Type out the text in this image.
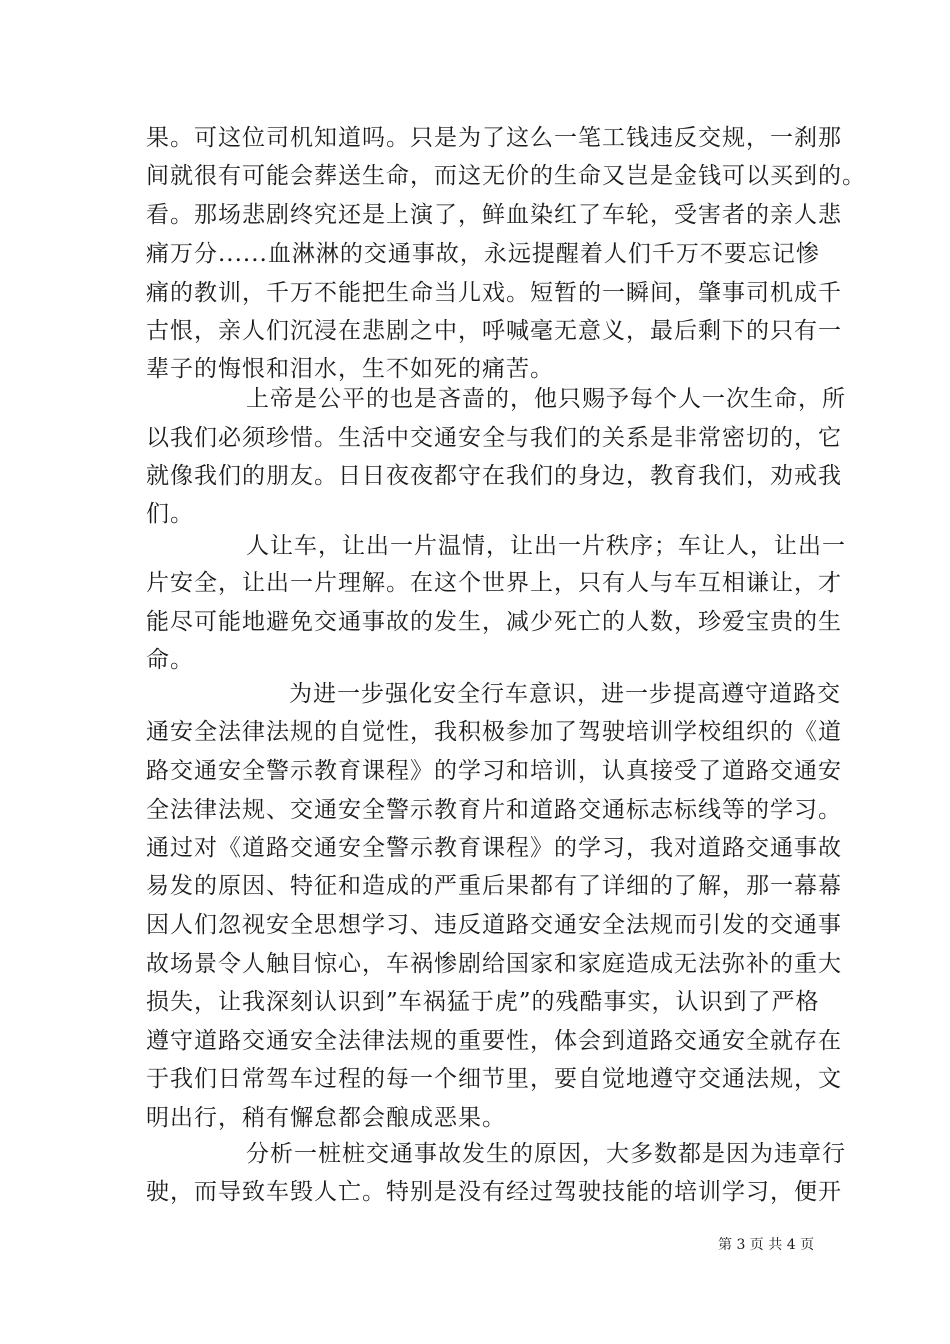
果。可这位司机知道吗。只是为了这么一笔工钱违反交规，一刹那
间就很有可能会葬送生命，而这无价的生命又岂是金钱可以买到的。
看。那场悲剧终究还是上演了，鲜血染红了车轮，受害者的亲人悲
痛万分......血淋淋的交通事故，永远提醒着人们千万不要忘记惨
痛的教训，千万不能把生命当儿戏。短暂的一瞬间，肇事司机成千
古恨，亲人们沉浸在悲剧之中，呼喊毫无意义，最后剩下的只有一
辈子的悔恨和泪水，生不如死的痛苦。
上帝是公平的也是吝啬的，他只赐予每个人一次生命，所
以我们必须珍惜。生活中交通安全与我们的关系是非常密切的，它
就像我们的朋友。日日夜夜都守在我们的身边，教育我们，劝戒我
们。
人让车，让出一片温情，让出一片秩序；车让人，让出一
片安全，让出一片理解。在这个世界上，只有人与车互相谦让，才
能尽可能地避免交通事故的发生，减少死亡的人数，珍爱宝贵的生
命。
为进一步强化安全行车意识，进一步提高遵守道路交
通安全法律法规的自觉性，我积极参加了驾驶培训学校组织的《道
路交通安全警示教育课程》的学习和培训，认真接受了道路交通安
全法律法规、交通安全警示教育片和道路交通标志标线等的学习。
通过对《道路交通安全警示教育课程》的学习，我对道路交通事故
易发的原因、特征和造成的严重后果都有了详细的了解，那一幕幕
因人们忽视安全思想学习、违反道路交通安全法规而引发的交通事
故场景令人触目惊心，车祸惨剧给国家和家庭造成无法弥补的重大
损失，让我深刻认识到”车祸猛于虎”的残酷事实，认识到了严格
遵守道路交通安全法律法规的重要性，体会到道路交通安全就存在
于我们日常驾车过程的每一个细节里，要自觉地遵守交通法规，文
明出行，稍有懈怠都会酿成恶果。
分析一桩桩交通事故发生的原因，大多数都是因为违章行
驶，而导致车毁人亡。特别是没有经过驾驶技能的培训学习，便开
第 3 页 共 4 页
